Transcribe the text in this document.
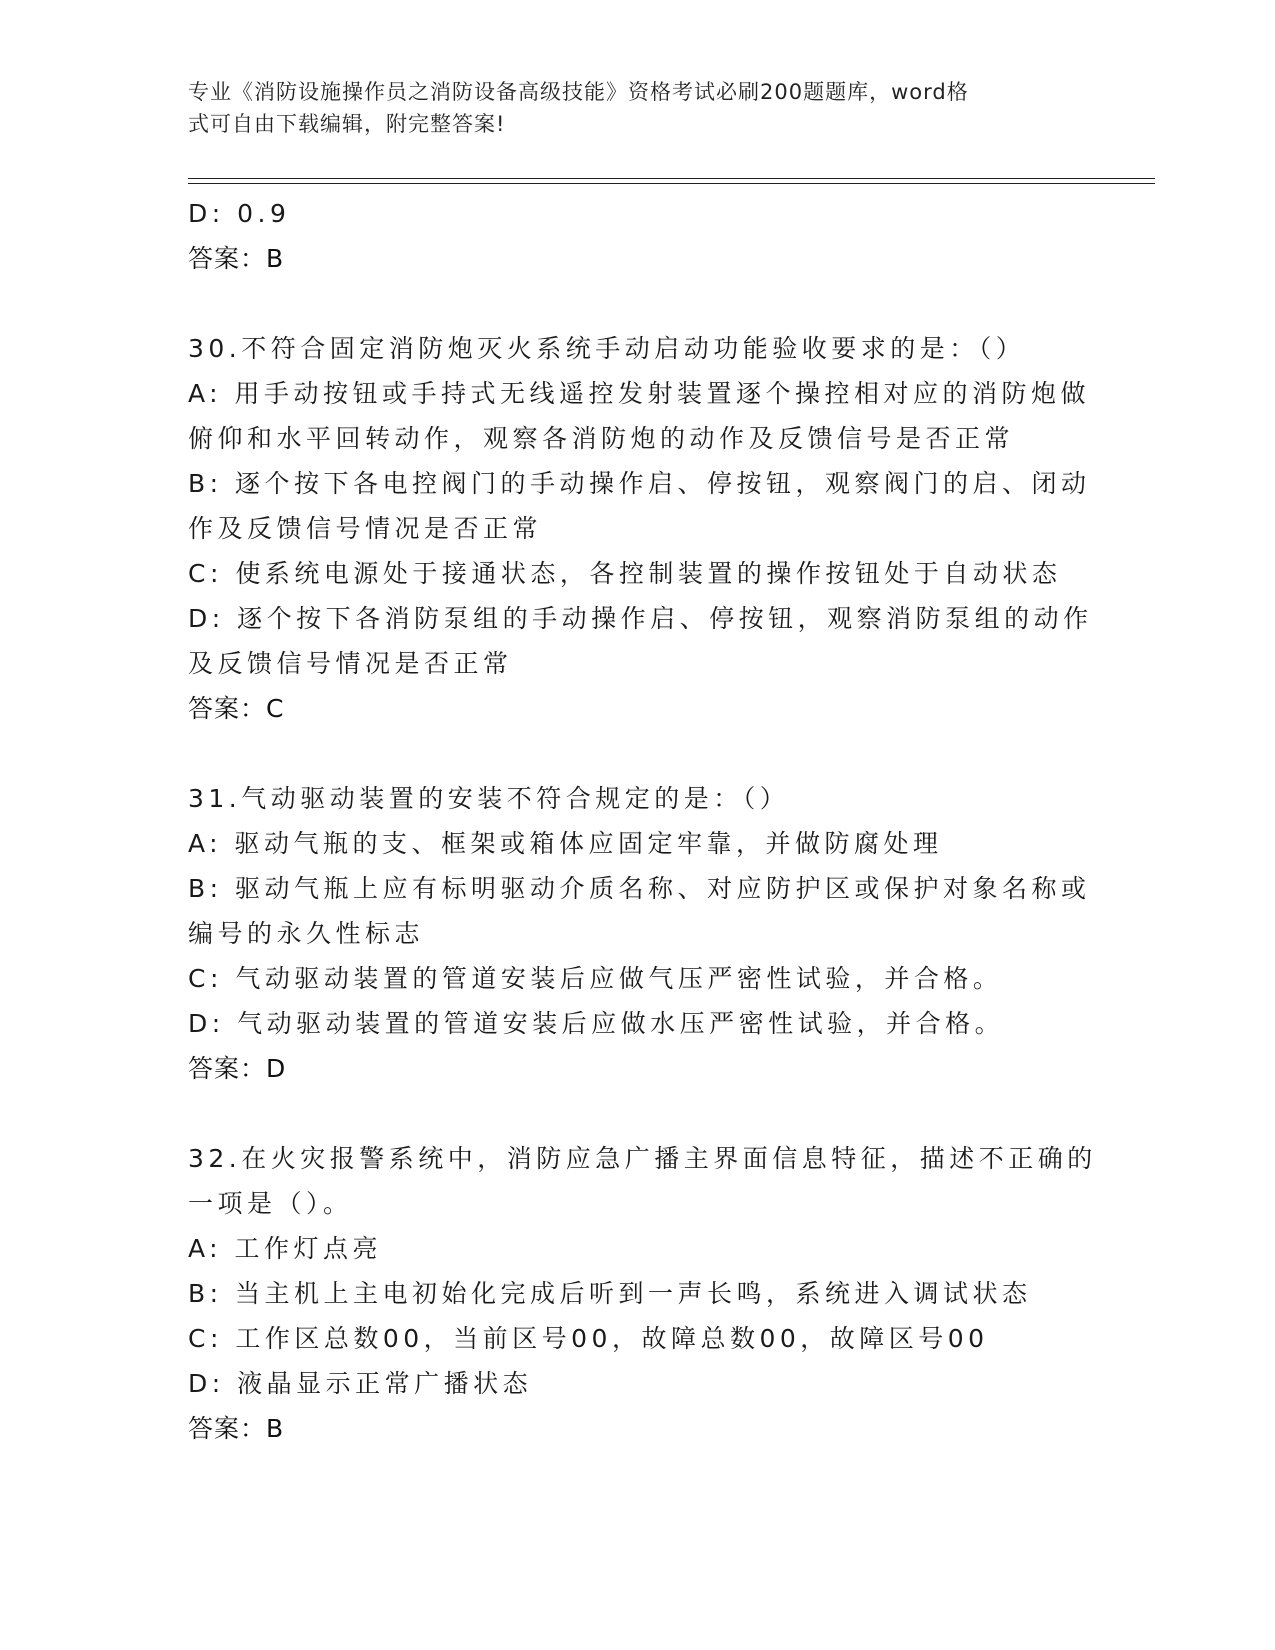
专业《消防设施操作员之消防设备高级技能》资格考试必刷200题题库，word格
式可自由下载编辑，附完整答案!
D: 0.9
答案：B
30.不符合固定消防炮灭火系统手动启动功能验收要求的是：（）
A: 用手动按钮或手持式无线遥控发射装置逐个操控相对应的消防炮做
俯仰和水平回转动作，观察各消防炮的动作及反馈信号是否正常
B: 逐个按下各电控阀门的手动操作启、停按钮，观察阀门的启、闭动
作及反馈信号情况是否正常
C: 使系统电源处于接通状态，各控制装置的操作按钮处于自动状态
D: 逐个按下各消防泵组的手动操作启、停按钮，观察消防泵组的动作
及反馈信号情况是否正常
答案：C
31.气动驱动装置的安装不符合规定的是：（）
A: 驱动气瓶的支、框架或箱体应固定牢靠，并做防腐处理
B: 驱动气瓶上应有标明驱动介质名称、对应防护区或保护对象名称或
编号的永久性标志
C: 气动驱动装置的管道安装后应做气压严密性试验，并合格。
D: 气动驱动装置的管道安装后应做水压严密性试验，并合格。
答案：D
32.在火灾报警系统中，消防应急广播主界面信息特征，描述不正确的
一项是（）。
A: 工作灯点亮
B: 当主机上主电初始化完成后听到一声长鸣，系统进入调试状态
C: 工作区总数00，当前区号00，故障总数00，故障区号00
D: 液晶显示正常广播状态
答案：B
